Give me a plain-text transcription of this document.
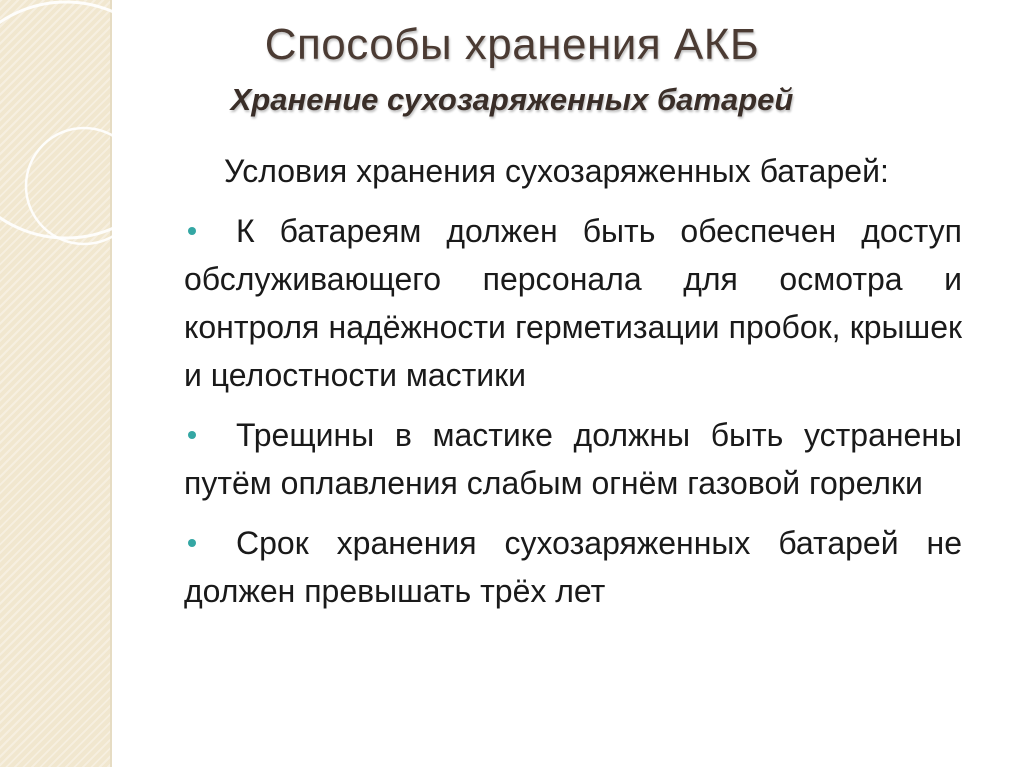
Способы хранения АКБ
Хранение сухозаряженных батарей

Условия хранения сухозаряженных батарей:

К батареям должен быть обеспечен доступ обслуживающего персонала для осмотра и контроля надёжности герметизации пробок, крышек и целостности мастики

Трещины в мастике должны быть устранены путём оплавления слабым огнём газовой горелки

Срок хранения сухозаряженных батарей не должен превышать трёх лет
